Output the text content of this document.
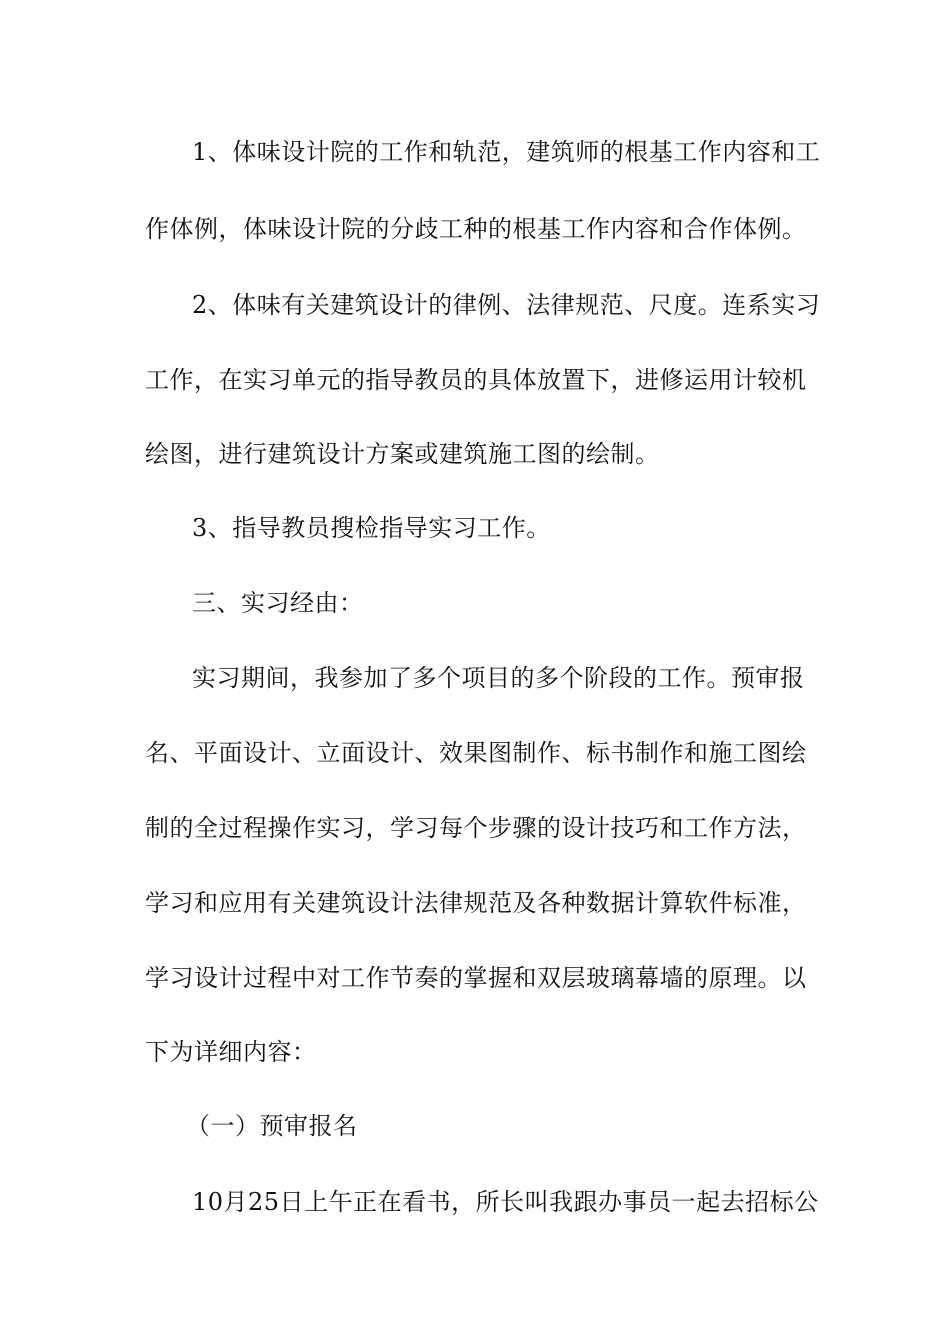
1、体味设计院的工作和轨范，建筑师的根基工作内容和工
作体例，体味设计院的分歧工种的根基工作内容和合作体例。
2、体味有关建筑设计的律例、法律规范、尺度。连系实习
工作，在实习单元的指导教员的具体放置下，进修运用计较机
绘图，进行建筑设计方案或建筑施工图的绘制。
3、指导教员搜检指导实习工作。
三、实习经由：
实习期间，我参加了多个项目的多个阶段的工作。预审报
名、平面设计、立面设计、效果图制作、标书制作和施工图绘
制的全过程操作实习，学习每个步骤的设计技巧和工作方法，
学习和应用有关建筑设计法律规范及各种数据计算软件标准，
学习设计过程中对工作节奏的掌握和双层玻璃幕墙的原理。以
下为详细内容：
（一）预审报名
10月25日上午正在看书，所长叫我跟办事员一起去招标公
